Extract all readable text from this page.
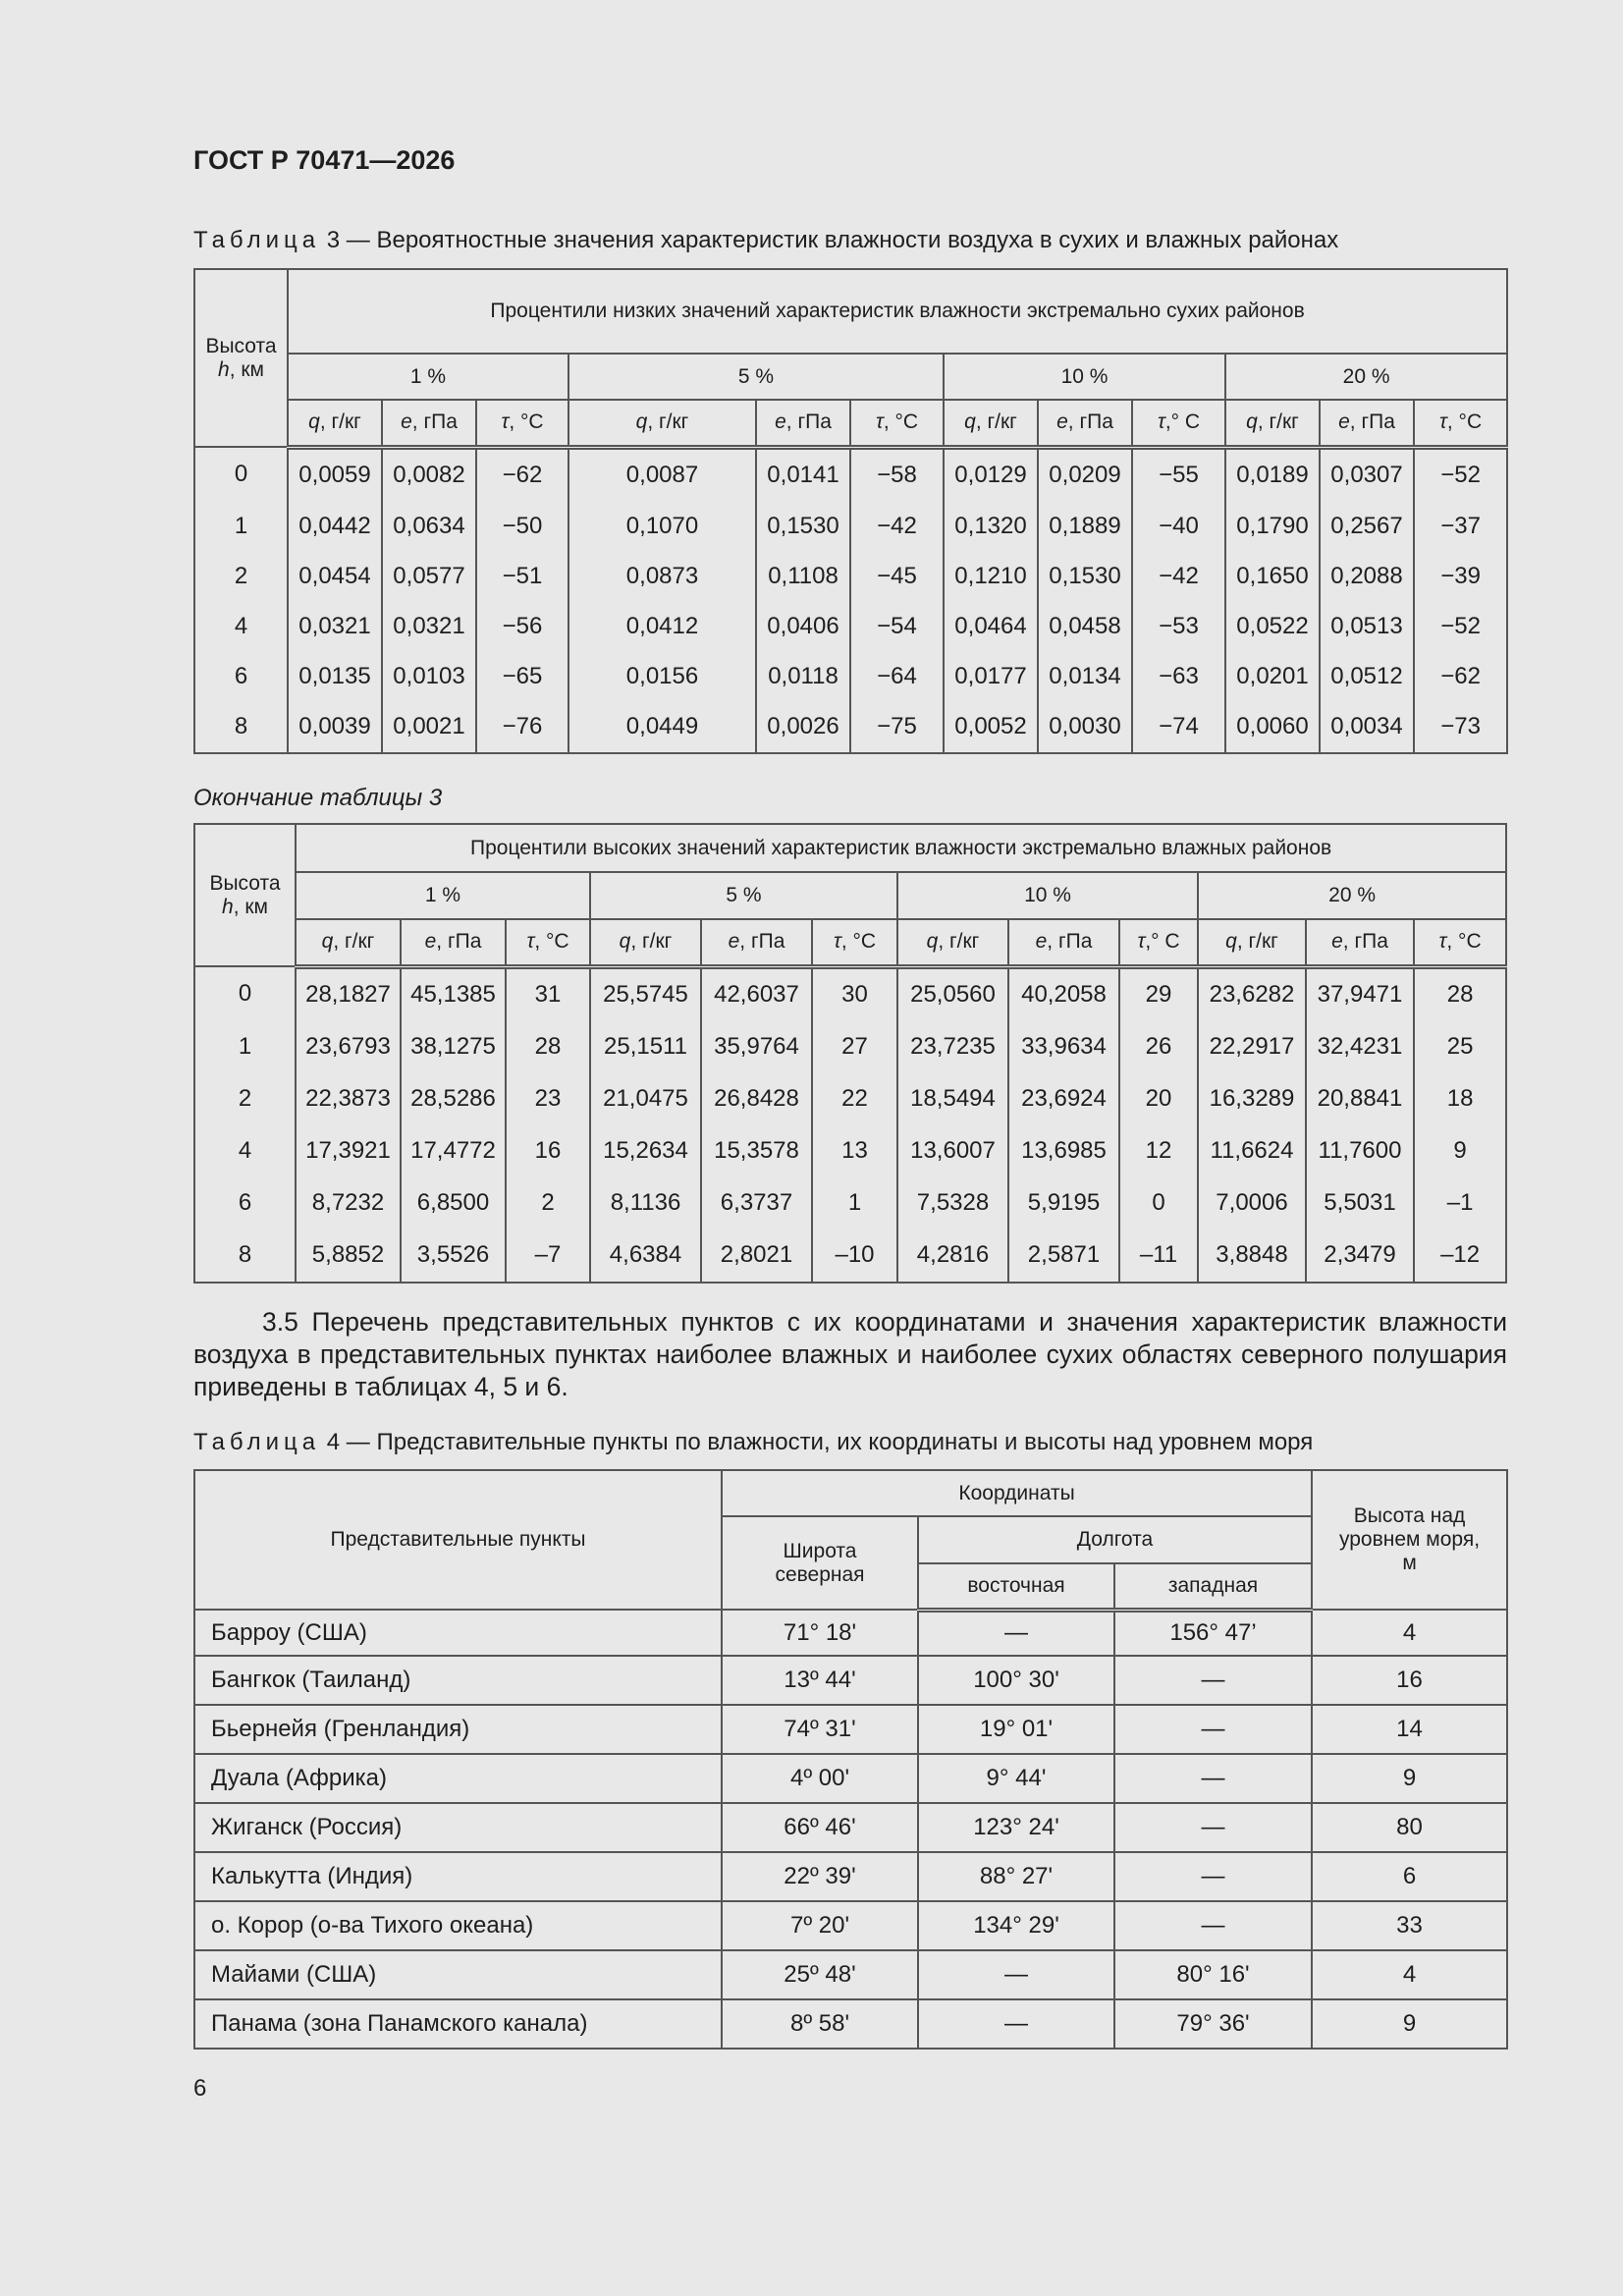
ГОСТ Р 70471—2026
Таблица 3 — Вероятностные значения характеристик влажности воздуха в сухих и влажных районах
Высота
h, км	Процентили низких значений характеристик влажности экстремально сухих районов											
	1 %			5 %			10 %			20 %		
	q, г/кг	e, гПа	τ, °C	q, г/кг	e, гПа	τ, °C	q, г/кг	e, гПа	τ,° C	q, г/кг	e, гПа	τ, °C
0	0,0059	0,0082	−62	0,0087	0,0141	−58	0,0129	0,0209	−55	0,0189	0,0307	−52
1	0,0442	0,0634	−50	0,1070	0,1530	−42	0,1320	0,1889	−40	0,1790	0,2567	−37
2	0,0454	0,0577	−51	0,0873	0,1108	−45	0,1210	0,1530	−42	0,1650	0,2088	−39
4	0,0321	0,0321	−56	0,0412	0,0406	−54	0,0464	0,0458	−53	0,0522	0,0513	−52
6	0,0135	0,0103	−65	0,0156	0,0118	−64	0,0177	0,0134	−63	0,0201	0,0512	−62
8	0,0039	0,0021	−76	0,0449	0,0026	−75	0,0052	0,0030	−74	0,0060	0,0034	−73
Окончание таблицы 3
Высота
h, км	Процентили высоких значений характеристик влажности экстремально влажных районов											
	1 %			5 %			10 %			20 %		
	q, г/кг	e, гПа	τ, °C	q, г/кг	e, гПа	τ, °C	q, г/кг	e, гПа	τ,° C	q, г/кг	e, гПа	τ, °C
0	28,1827	45,1385	31	25,5745	42,6037	30	25,0560	40,2058	29	23,6282	37,9471	28
1	23,6793	38,1275	28	25,1511	35,9764	27	23,7235	33,9634	26	22,2917	32,4231	25
2	22,3873	28,5286	23	21,0475	26,8428	22	18,5494	23,6924	20	16,3289	20,8841	18
4	17,3921	17,4772	16	15,2634	15,3578	13	13,6007	13,6985	12	11,6624	11,7600	9
6	8,7232	6,8500	2	8,1136	6,3737	1	7,5328	5,9195	0	7,0006	5,5031	–1
8	5,8852	3,5526	–7	4,6384	2,8021	–10	4,2816	2,5871	–11	3,8848	2,3479	–12
3.5 Перечень представительных пунктов с их координатами и значения характеристик влажности воздуха в представительных пунктах наиболее влажных и наиболее сухих областях северного полушария приведены в таблицах 4, 5 и 6.
Таблица 4 — Представительные пункты по влажности, их координаты и высоты над уровнем моря
Представительные пункты	Координаты			Высота над уровнем моря, м
	Широта северная	Долгота		
		восточная	западная	
Барроу (США)	71° 18'	—	156° 47’	4
Бангкок (Таиланд)	13º 44'	100° 30'	—	16
Бьернейя (Гренландия)	74º 31'	19° 01'	—	14
Дуала (Африка)	4º 00'	9° 44'	—	9
Жиганск (Россия)	66º 46'	123° 24'	—	80
Калькутта (Индия)	22º 39'	88° 27'	—	6
о. Корор (о-ва Тихого океана)	7º 20'	134° 29'	—	33
Майами (США)	25º 48'	—	80° 16'	4
Панама (зона Панамского канала)	8º 58'	—	79° 36'	9
6
